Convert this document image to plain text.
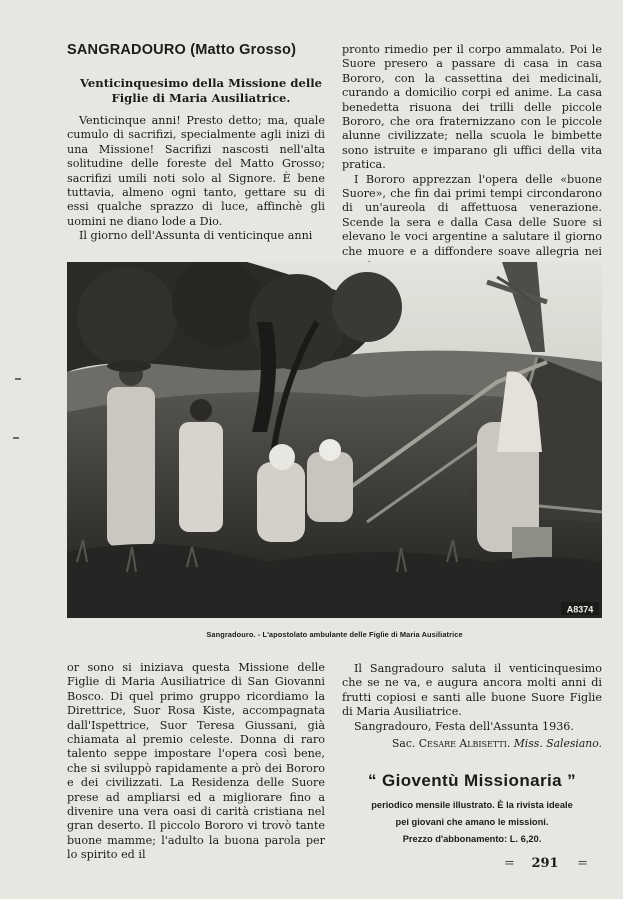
SANGRADOURO (Matto Grosso)
Venticinquesimo della Missione delle
Figlie di Maria Ausiliatrice.

Venticinque anni! Presto detto; ma, quale cumulo di sacrifizi, specialmente agli inizi di una Missione! Sacrifizi nascosti nell'alta solitudine delle foreste del Matto Grosso; sacrifizi umili noti solo al Signore. È bene tuttavia, almeno ogni tanto, gettare su di essi qualche sprazzo di luce, affinchè gli uomini ne diano lode a Dio.

Il giorno dell'Assunta di venticinque anni

pronto rimedio per il corpo ammalato. Poi le Suore presero a passare di casa in casa Bororo, con la cassettina dei medicinali, curando a domicilio corpi ed anime. La casa benedetta risuona dei trilli delle piccole Bororo, che ora fraternizzano con le piccole alunne civilizzate; nella scuola le bimbette sono istruite e imparano gli uffici della vita pratica.

I Bororo apprezzan l'opera delle «buone Suore», che fin dai primi tempi circondarono di un'aureola di affettuosa venerazione. Scende la sera e dalla Casa delle Suore si elevano le voci argentine a salutare il giorno che muore e a diffondere soave allegria nei

A8374
Sangradouro. - L'apostolato ambulante delle Figlie di Maria Ausiliatrice

or sono si iniziava questa Missione delle Figlie di Maria Ausiliatrice di San Giovanni Bosco. Di quel primo gruppo ricordiamo la Direttrice, Suor Rosa Kiste, accompagnata dall'Ispettrice, Suor Teresa Giussani, già chiamata al premio celeste. Donna di raro talento seppe impostare l'opera così bene, che si sviluppò rapidamente a prò dei Bororo e dei civilizzati. La Residenza delle Suore prese ad ampliarsi ed a migliorare fino a divenire una vera oasi di carità cristiana nel gran deserto. Il piccolo Bororo vi trovò tante buone mamme; l'adulto la buona parola per lo spirito ed il

Il Sangradouro saluta il venticinquesimo che se ne va, e augura ancora molti anni di frutti copiosi e santi alle buone Suore Figlie di Maria Ausiliatrice.

Sangradouro, Festa dell'Assunta 1936.

Sac. Cesare Albisetti. Miss. Salesiano.
“ Gioventù Missionaria ”
periodico mensile illustrato. È la rivista ideale
pei giovani che amano le missioni.
Prezzo d'abbonamento: L. 6,20.
= 291 =
